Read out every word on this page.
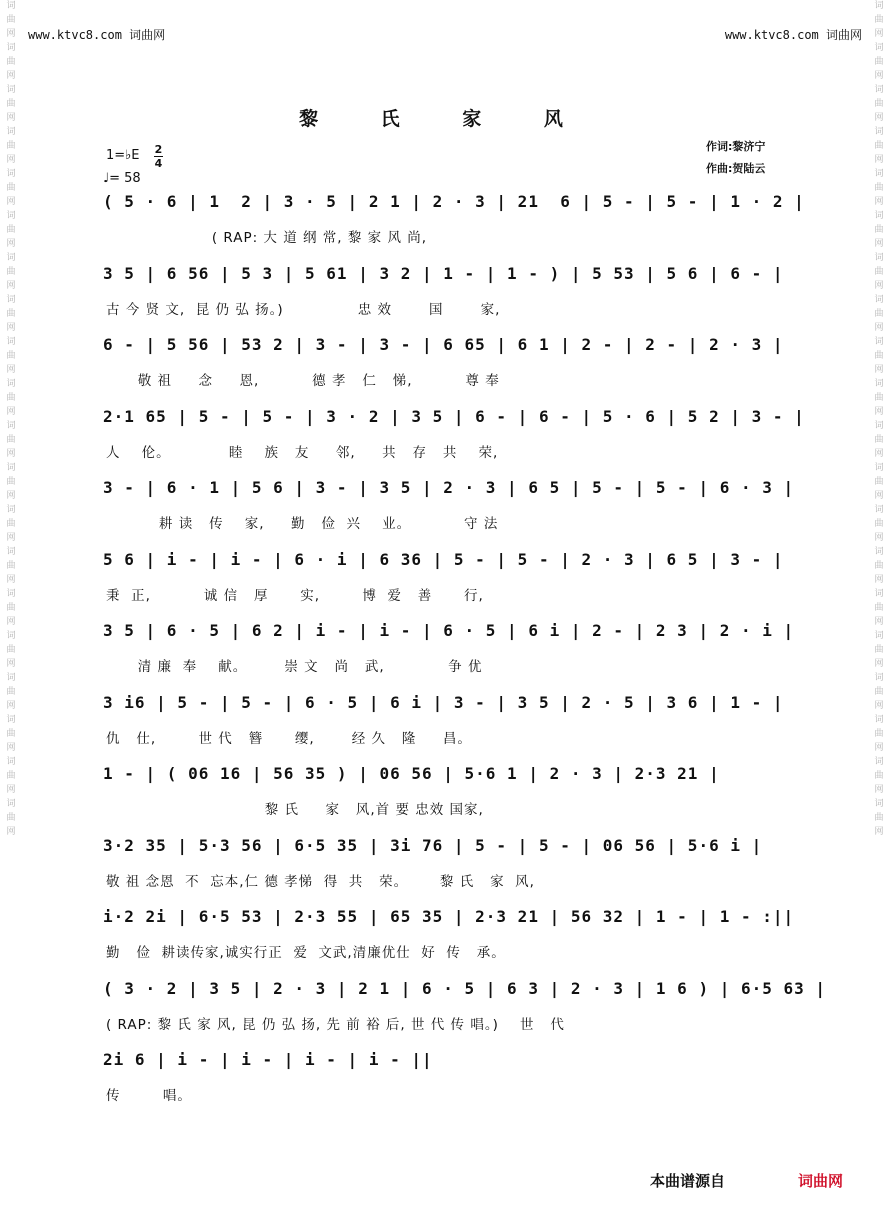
词
曲
网
词
曲
网
词
曲
网
词
曲
网
词
曲
网
词
曲
网
词
曲
网
词
曲
网
词
曲
网
词
曲
网
词
曲
网
词
曲
网
词
曲
网
词
曲
网
词
曲
网
词
曲
网
词
曲
网
词
曲
网
词
曲
网
词
曲
网
词
曲
网
词
曲
网
词
曲
网
词
曲
网
词
曲
网
词
曲
网
词
曲
网
词
曲
网
词
曲
网
词
曲
网
词
曲
网
词
曲
网
词
曲
网
词
曲
网
词
曲
网
词
曲
网
词
曲
网
词
曲
网
词
曲
网
词
曲
网
www.ktvc8.com 词曲网	www.ktvc8.com 词曲网
黎 氏 家 风
作词:黎济宁
作曲:贺陆云
1=♭E 2
4
♩= 58
( 5 · 6 | 1  2 | 3 · 5 | 2 1 | 2 · 3 | 21  6 | 5 - | 5 - | 1 · 2 |
( RAP: 大 道 纲 常, 黎 家 风 尚,
3 5 | 6 56 | 5 3 | 5 61 | 3 2 | 1 - | 1 - ) | 5 53 | 5 6 | 6 - |
古 今 贤 文,  昆 仍 弘 扬。)              忠 效       国       家,
6 - | 5 56 | 53 2 | 3 - | 3 - | 6 65 | 6 1 | 2 - | 2 - | 2 · 3 |
敬 祖     念     恩,          德 孝   仁   悌,          尊 奉
2·1 65 | 5 - | 5 - | 3 · 2 | 3 5 | 6 - | 6 - | 5 · 6 | 5 2 | 3 - |
人    伦。           睦    族   友     邻,     共   存   共    荣,
3 - | 6 · 1 | 5 6 | 3 - | 3 5 | 2 · 3 | 6 5 | 5 - | 5 - | 6 · 3 |
耕 读   传    家,     勤   俭  兴    业。          守 法
5 6 | i - | i - | 6 · i | 6 36 | 5 - | 5 - | 2 · 3 | 6 5 | 3 - |
秉  正,          诚 信   厚      实,        博  爱   善      行,
3 5 | 6 · 5 | 6 2 | i - | i - | 6 · 5 | 6 i | 2 - | 2 3 | 2 · i |
清 廉  奉    献。       崇 文   尚   武,            争 优
3 i6 | 5 - | 5 - | 6 · 5 | 6 i | 3 - | 3 5 | 2 · 5 | 3 6 | 1 - |
仇   仕,        世 代   簪      缨,       经 久   隆     昌。
1 - | ( 06 16 | 56 35 ) | 06 56 | 5·6 1 | 2 · 3 | 2·3 21 |
黎 氏     家   风,首 要 忠效 国家,
3·2 35 | 5·3 56 | 6·5 35 | 3i 76 | 5 - | 5 - | 06 56 | 5·6 i |
敬 祖 念恩  不  忘本,仁 德 孝悌  得  共   荣。      黎 氏   家  风,
i·2 2i | 6·5 53 | 2·3 55 | 65 35 | 2·3 21 | 56 32 | 1 - | 1 - :||
勤   俭  耕读传家,诚实行正  爱  文武,清廉优仕  好  传   承。
( 3 · 2 | 3 5 | 2 · 3 | 2 1 | 6 · 5 | 6 3 | 2 · 3 | 1 6 ) | 6·5 63 |
( RAP: 黎 氏 家 风, 昆 仍 弘 扬, 先 前 裕 后, 世 代 传 唱。)    世   代
2i 6 | i - | i - | i - | i - ||
传        唱。
本曲谱源自	词曲网
